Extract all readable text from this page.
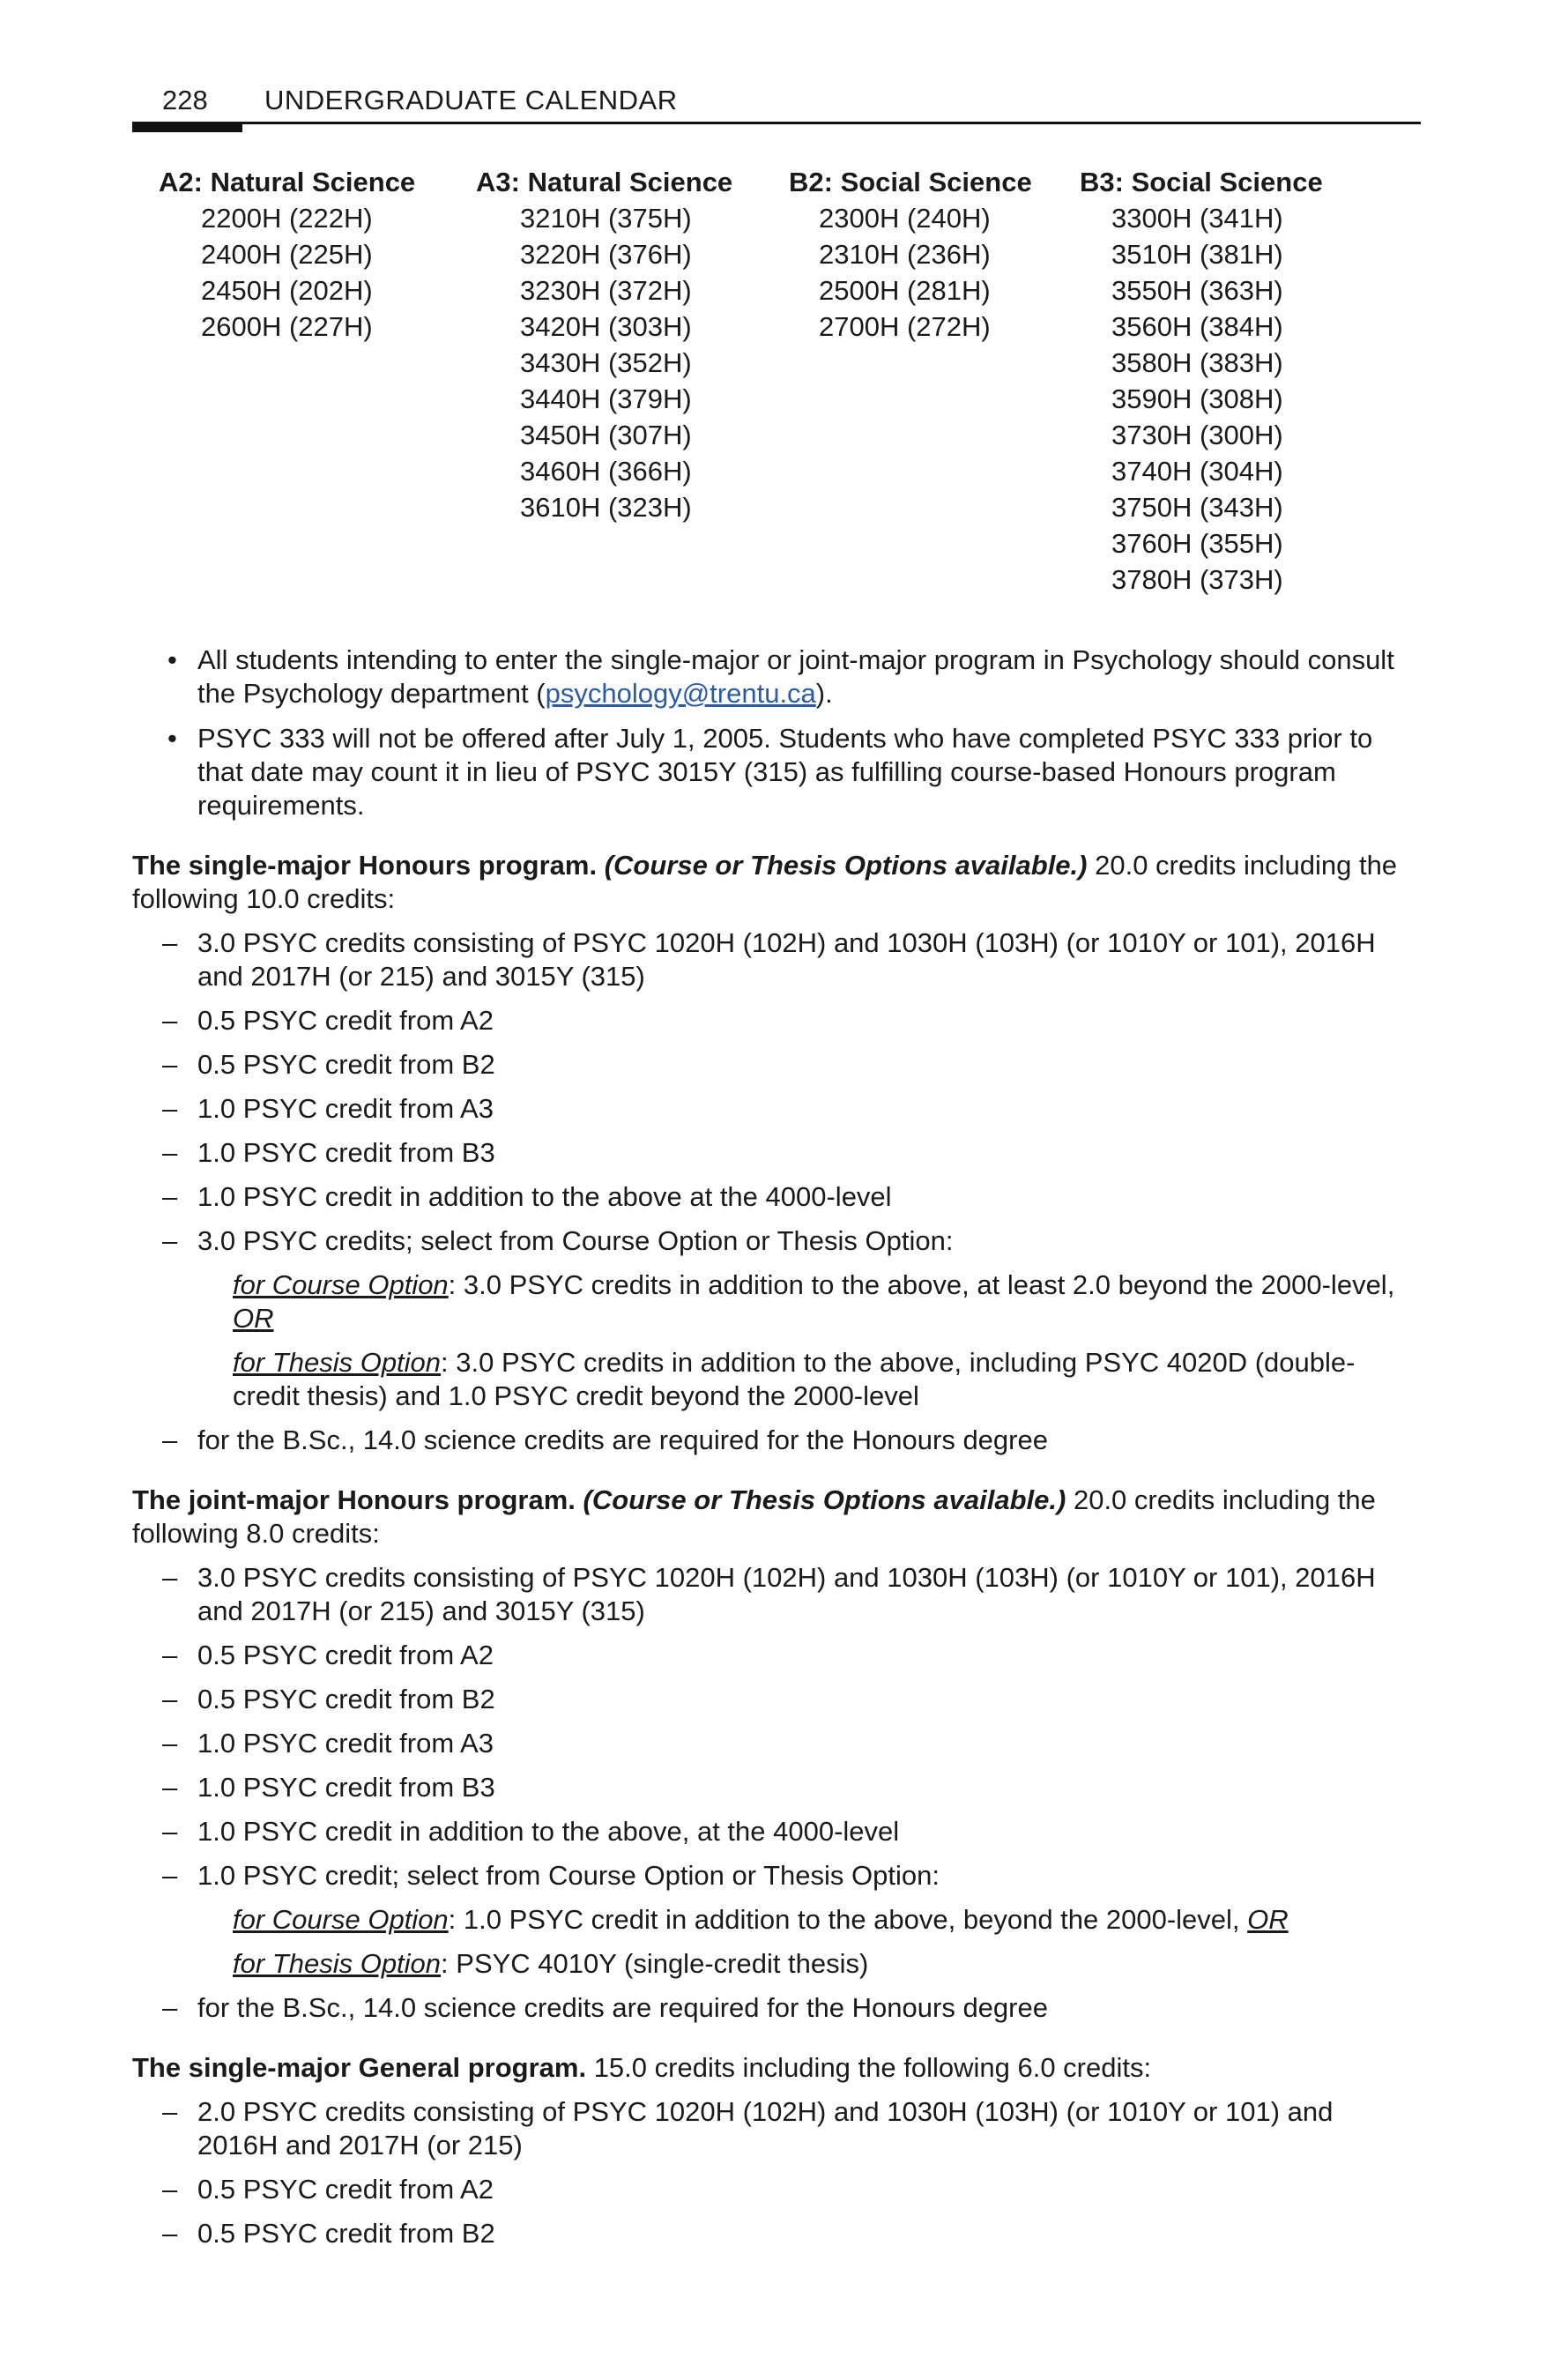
228 UNDERGRADUATE CALENDAR
A2: Natural Science
2200H (222H)
2400H (225H)
2450H (202H)
2600H (227H)
A3: Natural Science
3210H (375H)
3220H (376H)
3230H (372H)
3420H (303H)
3430H (352H)
3440H (379H)
3450H (307H)
3460H (366H)
3610H (323H)
B2: Social Science
2300H (240H)
2310H (236H)
2500H (281H)
2700H (272H)
B3: Social Science
3300H (341H)
3510H (381H)
3550H (363H)
3560H (384H)
3580H (383H)
3590H (308H)
3730H (300H)
3740H (304H)
3750H (343H)
3760H (355H)
3780H (373H)
• All students intending to enter the single-major or joint-major program in Psychology should consult the Psychology department (psychology@trentu.ca).
• PSYC 333 will not be offered after July 1, 2005. Students who have completed PSYC 333 prior to that date may count it in lieu of PSYC 3015Y (315) as fulfilling course-based Honours program requirements.

The single-major Honours program. (Course or Thesis Options available.) 20.0 credits including the following 10.0 credits:

– 3.0 PSYC credits consisting of PSYC 1020H (102H) and 1030H (103H) (or 1010Y or 101), 2016H and 2017H (or 215) and 3015Y (315)
– 0.5 PSYC credit from A2
– 0.5 PSYC credit from B2
– 1.0 PSYC credit from A3
– 1.0 PSYC credit from B3
– 1.0 PSYC credit in addition to the above at the 4000-level
– 3.0 PSYC credits; select from Course Option or Thesis Option:
for Course Option: 3.0 PSYC credits in addition to the above, at least 2.0 beyond the 2000-level, OR
for Thesis Option: 3.0 PSYC credits in addition to the above, including PSYC 4020D (double-credit thesis) and 1.0 PSYC credit beyond the 2000-level
– for the B.Sc., 14.0 science credits are required for the Honours degree

The joint-major Honours program. (Course or Thesis Options available.) 20.0 credits including the following 8.0 credits:

– 3.0 PSYC credits consisting of PSYC 1020H (102H) and 1030H (103H) (or 1010Y or 101), 2016H and 2017H (or 215) and 3015Y (315)
– 0.5 PSYC credit from A2
– 0.5 PSYC credit from B2
– 1.0 PSYC credit from A3
– 1.0 PSYC credit from B3
– 1.0 PSYC credit in addition to the above, at the 4000-level
– 1.0 PSYC credit; select from Course Option or Thesis Option:
for Course Option: 1.0 PSYC credit in addition to the above, beyond the 2000-level, OR
for Thesis Option: PSYC 4010Y (single-credit thesis)
– for the B.Sc., 14.0 science credits are required for the Honours degree

The single-major General program. 15.0 credits including the following 6.0 credits:

– 2.0 PSYC credits consisting of PSYC 1020H (102H) and 1030H (103H) (or 1010Y or 101) and 2016H and 2017H (or 215)
– 0.5 PSYC credit from A2
– 0.5 PSYC credit from B2
